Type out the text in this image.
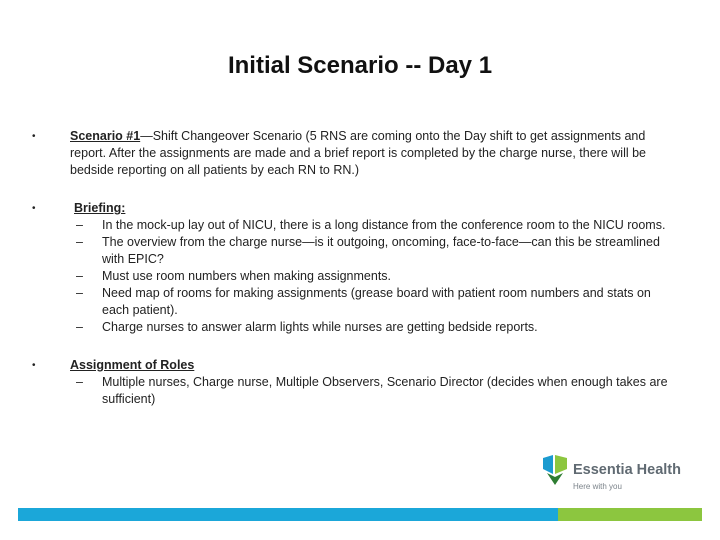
Initial Scenario -- Day 1
•	Scenario #1—Shift Changeover Scenario (5 RNS are coming onto the Day shift to get assignments and report. After the assignments are made and a brief report is completed by the charge nurse, there will be bedside reporting on all patients by each RN to RN.)
•	Briefing:
– In the mock-up lay out of NICU, there is a long distance from the conference room to the NICU rooms.
– The overview from the charge nurse—is it outgoing, oncoming, face-to-face—can this be streamlined with EPIC?
– Must use room numbers when making assignments.
– Need map of rooms for making assignments (grease board with patient room numbers and stats on each patient).
– Charge nurses to answer alarm lights while nurses are getting bedside reports.
•	Assignment of Roles
– Multiple nurses, Charge nurse, Multiple Observers, Scenario Director (decides when enough takes are sufficient)
Essentia Health
Here with you
